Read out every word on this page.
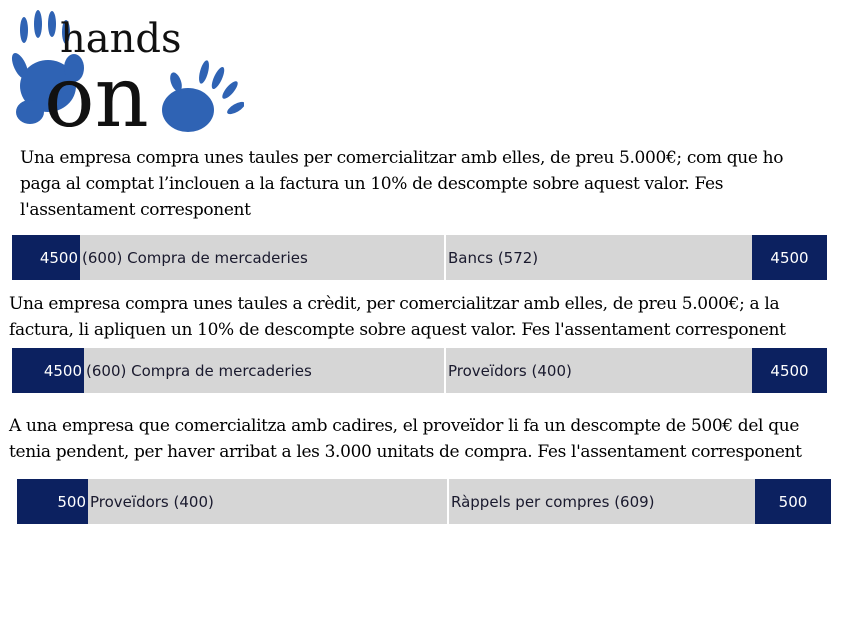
hands
on

Una empresa compra unes taules per comercialitzar amb elles, de preu 5.000€; com que ho paga al comptat l’inclouen a la factura un 10% de descompte sobre aquest valor. Fes l'assentament corresponent

4500 (600) Compra de mercaderies	Bancs (572)	4500

Una empresa compra unes taules a crèdit, per comercialitzar amb elles, de preu 5.000€; a la factura, li apliquen un 10% de descompte sobre aquest valor. Fes l'assentament corresponent

4500 (600) Compra de mercaderies	Proveïdors (400)	4500

A una empresa que comercialitza amb cadires, el proveïdor li fa un descompte de 500€ del que tenia pendent, per haver arribat a les 3.000 unitats de compra. Fes l'assentament corresponent

500 Proveïdors (400)	Ràppels per compres (609)	500
